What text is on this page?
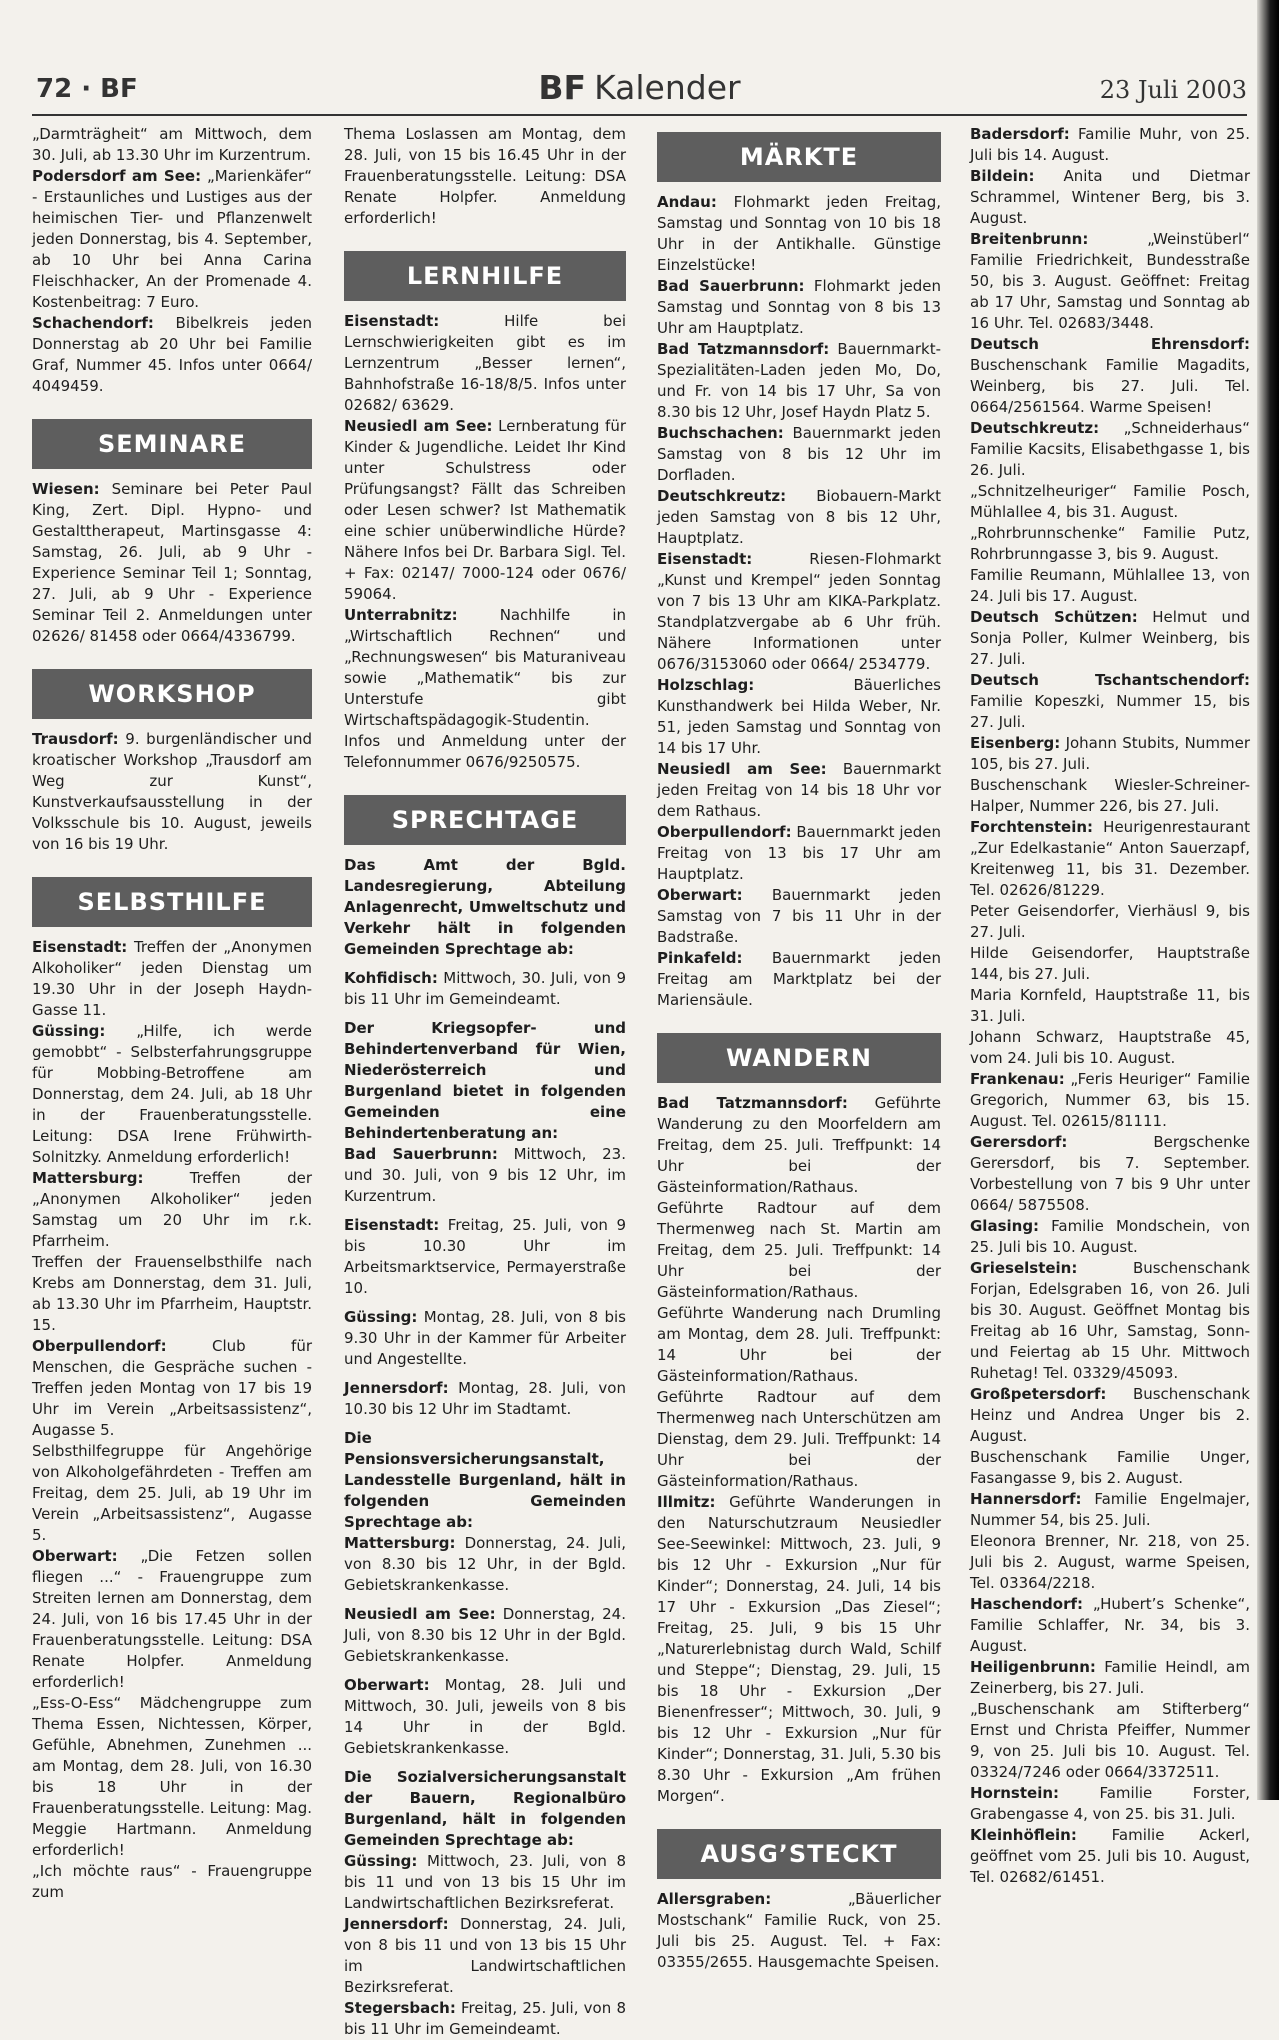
72 · BF	BF Kalender	23 Juli 2003

„Darmträgheit“ am Mittwoch, dem 30. Juli, ab 13.30 Uhr im Kurzentrum.

Podersdorf am See: „Marienkäfer“ - Erstaunliches und Lustiges aus der heimischen Tier- und Pflanzenwelt jeden Donnerstag, bis 4. September, ab 10 Uhr bei Anna Carina Fleischhacker, An der Promenade 4. Kostenbeitrag: 7 Euro.

Schachendorf: Bibelkreis jeden Donnerstag ab 20 Uhr bei Familie Graf, Nummer 45. Infos unter 0664/ 4049459.

SEMINARE

Wiesen: Seminare bei Peter Paul King, Zert. Dipl. Hypno- und Gestalttherapeut, Martinsgasse 4: Samstag, 26. Juli, ab 9 Uhr - Experience Seminar Teil 1; Sonntag, 27. Juli, ab 9 Uhr - Experience Seminar Teil 2. Anmeldungen unter 02626/ 81458 oder 0664/4336799.

WORKSHOP

Trausdorf: 9. burgenländischer und kroatischer Workshop „Trausdorf am Weg zur Kunst“, Kunstverkaufsausstellung in der Volksschule bis 10. August, jeweils von 16 bis 19 Uhr.

SELBSTHILFE

Eisenstadt: Treffen der „Anonymen Alkoholiker“ jeden Dienstag um 19.30 Uhr in der Joseph Haydn-Gasse 11.

Güssing: „Hilfe, ich werde gemobbt“ - Selbsterfahrungsgruppe für Mobbing-Betroffene am Donnerstag, dem 24. Juli, ab 18 Uhr in der Frauenberatungsstelle. Leitung: DSA Irene Frühwirth-Solnitzky. Anmeldung erforderlich!

Mattersburg: Treffen der „Anonymen Alkoholiker“ jeden Samstag um 20 Uhr im r.k. Pfarrheim.

Treffen der Frauenselbsthilfe nach Krebs am Donnerstag, dem 31. Juli, ab 13.30 Uhr im Pfarrheim, Hauptstr. 15.

Oberpullendorf: Club für Menschen, die Gespräche suchen - Treffen jeden Montag von 17 bis 19 Uhr im Verein „Arbeitsassistenz“, Augasse 5.

Selbsthilfegruppe für Angehörige von Alkoholgefährdeten - Treffen am Freitag, dem 25. Juli, ab 19 Uhr im Verein „Arbeitsassistenz“, Augasse 5.

Oberwart: „Die Fetzen sollen fliegen ...“ - Frauengruppe zum Streiten lernen am Donnerstag, dem 24. Juli, von 16 bis 17.45 Uhr in der Frauenberatungsstelle. Leitung: DSA Renate Holpfer. Anmeldung erforderlich!

„Ess-O-Ess“ Mädchengruppe zum Thema Essen, Nichtessen, Körper, Gefühle, Abnehmen, Zunehmen ... am Montag, dem 28. Juli, von 16.30 bis 18 Uhr in der Frauenberatungsstelle. Leitung: Mag. Meggie Hartmann. Anmeldung erforderlich!

„Ich möchte raus“ - Frauengruppe zum

Thema Loslassen am Montag, dem 28. Juli, von 15 bis 16.45 Uhr in der Frauenberatungsstelle. Leitung: DSA Renate Holpfer. Anmeldung erforderlich!

LERNHILFE

Eisenstadt: Hilfe bei Lernschwierigkeiten gibt es im Lernzentrum „Besser lernen“, Bahnhofstraße 16-18/8/5. Infos unter 02682/ 63629.

Neusiedl am See: Lernberatung für Kinder & Jugendliche. Leidet Ihr Kind unter Schulstress oder Prüfungsangst? Fällt das Schreiben oder Lesen schwer? Ist Mathematik eine schier unüberwindliche Hürde? Nähere Infos bei Dr. Barbara Sigl. Tel. + Fax: 02147/ 7000-124 oder 0676/ 59064.

Unterrabnitz: Nachhilfe in „Wirtschaftlich Rechnen“ und „Rechnungswesen“ bis Maturaniveau sowie „Mathematik“ bis zur Unterstufe gibt Wirtschaftspädagogik-Studentin. Infos und Anmeldung unter der Telefonnummer 0676/9250575.

SPRECHTAGE

Das Amt der Bgld. Landesregierung, Abteilung Anlagenrecht, Umweltschutz und Verkehr hält in folgenden Gemeinden Sprechtage ab:

Kohfidisch: Mittwoch, 30. Juli, von 9 bis 11 Uhr im Gemeindeamt.

Der Kriegsopfer- und Behindertenverband für Wien, Niederösterreich und Burgenland bietet in folgenden Gemeinden eine Behindertenberatung an:

Bad Sauerbrunn: Mittwoch, 23. und 30. Juli, von 9 bis 12 Uhr, im Kurzentrum.

Eisenstadt: Freitag, 25. Juli, von 9 bis 10.30 Uhr im Arbeitsmarktservice, Permayerstraße 10.

Güssing: Montag, 28. Juli, von 8 bis 9.30 Uhr in der Kammer für Arbeiter und Angestellte.

Jennersdorf: Montag, 28. Juli, von 10.30 bis 12 Uhr im Stadtamt.

Die Pensionsversicherungsanstalt, Landesstelle Burgenland, hält in folgenden Gemeinden Sprechtage ab:

Mattersburg: Donnerstag, 24. Juli, von 8.30 bis 12 Uhr, in der Bgld. Gebietskrankenkasse.

Neusiedl am See: Donnerstag, 24. Juli, von 8.30 bis 12 Uhr in der Bgld. Gebietskrankenkasse.

Oberwart: Montag, 28. Juli und Mittwoch, 30. Juli, jeweils von 8 bis 14 Uhr in der Bgld. Gebietskrankenkasse.

Die Sozialversicherungsanstalt der Bauern, Regionalbüro Burgenland, hält in folgenden Gemeinden Sprechtage ab:

Güssing: Mittwoch, 23. Juli, von 8 bis 11 und von 13 bis 15 Uhr im Landwirtschaftlichen Bezirksreferat.

Jennersdorf: Donnerstag, 24. Juli, von 8 bis 11 und von 13 bis 15 Uhr im Landwirtschaftlichen Bezirksreferat.

Stegersbach: Freitag, 25. Juli, von 8 bis 11 Uhr im Gemeindeamt.

MÄRKTE

Andau: Flohmarkt jeden Freitag, Samstag und Sonntag von 10 bis 18 Uhr in der Antikhalle. Günstige Einzelstücke!

Bad Sauerbrunn: Flohmarkt jeden Samstag und Sonntag von 8 bis 13 Uhr am Hauptplatz.

Bad Tatzmannsdorf: Bauernmarkt-Spezialitäten-Laden jeden Mo, Do, und Fr. von 14 bis 17 Uhr, Sa von 8.30 bis 12 Uhr, Josef Haydn Platz 5.

Buchschachen: Bauernmarkt jeden Samstag von 8 bis 12 Uhr im Dorfladen.

Deutschkreutz: Biobauern-Markt jeden Samstag von 8 bis 12 Uhr, Hauptplatz.

Eisenstadt: Riesen-Flohmarkt „Kunst und Krempel“ jeden Sonntag von 7 bis 13 Uhr am KIKA-Parkplatz. Standplatzvergabe ab 6 Uhr früh. Nähere Informationen unter 0676/3153060 oder 0664/ 2534779.

Holzschlag: Bäuerliches Kunsthandwerk bei Hilda Weber, Nr. 51, jeden Samstag und Sonntag von 14 bis 17 Uhr.

Neusiedl am See: Bauernmarkt jeden Freitag von 14 bis 18 Uhr vor dem Rathaus.

Oberpullendorf: Bauernmarkt jeden Freitag von 13 bis 17 Uhr am Hauptplatz.

Oberwart: Bauernmarkt jeden Samstag von 7 bis 11 Uhr in der Badstraße.

Pinkafeld: Bauernmarkt jeden Freitag am Marktplatz bei der Mariensäule.

WANDERN

Bad Tatzmannsdorf: Geführte Wanderung zu den Moorfeldern am Freitag, dem 25. Juli. Treffpunkt: 14 Uhr bei der Gästeinformation/Rathaus.

Geführte Radtour auf dem Thermenweg nach St. Martin am Freitag, dem 25. Juli. Treffpunkt: 14 Uhr bei der Gästeinformation/Rathaus.

Geführte Wanderung nach Drumling am Montag, dem 28. Juli. Treffpunkt: 14 Uhr bei der Gästeinformation/Rathaus.

Geführte Radtour auf dem Thermenweg nach Unterschützen am Dienstag, dem 29. Juli. Treffpunkt: 14 Uhr bei der Gästeinformation/Rathaus.

Illmitz: Geführte Wanderungen in den Naturschutzraum Neusiedler See-Seewinkel: Mittwoch, 23. Juli, 9 bis 12 Uhr - Exkursion „Nur für Kinder“; Donnerstag, 24. Juli, 14 bis 17 Uhr - Exkursion „Das Ziesel“; Freitag, 25. Juli, 9 bis 15 Uhr „Naturerlebnistag durch Wald, Schilf und Steppe“; Dienstag, 29. Juli, 15 bis 18 Uhr - Exkursion „Der Bienenfresser“; Mittwoch, 30. Juli, 9 bis 12 Uhr - Exkursion „Nur für Kinder“; Donnerstag, 31. Juli, 5.30 bis 8.30 Uhr - Exkursion „Am frühen Morgen“.

AUSG’STECKT

Allersgraben: „Bäuerlicher Mostschank“ Familie Ruck, von 25. Juli bis 25. August. Tel. + Fax: 03355/2655. Hausgemachte Speisen.

Badersdorf: Familie Muhr, von 25. Juli bis 14. August.

Bildein: Anita und Dietmar Schrammel, Wintener Berg, bis 3. August.

Breitenbrunn: „Weinstüberl“ Familie Friedrichkeit, Bundesstraße 50, bis 3. August. Geöffnet: Freitag ab 17 Uhr, Samstag und Sonntag ab 16 Uhr. Tel. 02683/3448.

Deutsch Ehrensdorf: Buschenschank Familie Magadits, Weinberg, bis 27. Juli. Tel. 0664/2561564. Warme Speisen!

Deutschkreutz: „Schneiderhaus“ Familie Kacsits, Elisabethgasse 1, bis 26. Juli.

„Schnitzelheuriger“ Familie Posch, Mühlallee 4, bis 31. August.

„Rohrbrunnschenke“ Familie Putz, Rohrbrunngasse 3, bis 9. August.

Familie Reumann, Mühlallee 13, von 24. Juli bis 17. August.

Deutsch Schützen: Helmut und Sonja Poller, Kulmer Weinberg, bis 27. Juli.

Deutsch Tschantschendorf: Familie Kopeszki, Nummer 15, bis 27. Juli.

Eisenberg: Johann Stubits, Nummer 105, bis 27. Juli.

Buschenschank Wiesler-Schreiner-Halper, Nummer 226, bis 27. Juli.

Forchtenstein: Heurigenrestaurant „Zur Edelkastanie“ Anton Sauerzapf, Kreitenweg 11, bis 31. Dezember. Tel. 02626/81229.

Peter Geisendorfer, Vierhäusl 9, bis 27. Juli.

Hilde Geisendorfer, Hauptstraße 144, bis 27. Juli.

Maria Kornfeld, Hauptstraße 11, bis 31. Juli.

Johann Schwarz, Hauptstraße 45, vom 24. Juli bis 10. August.

Frankenau: „Feris Heuriger“ Familie Gregorich, Nummer 63, bis 15. August. Tel. 02615/81111.

Gerersdorf: Bergschenke Gerersdorf, bis 7. September. Vorbestellung von 7 bis 9 Uhr unter 0664/ 5875508.

Glasing: Familie Mondschein, von 25. Juli bis 10. August.

Grieselstein: Buschenschank Forjan, Edelsgraben 16, von 26. Juli bis 30. August. Geöffnet Montag bis Freitag ab 16 Uhr, Samstag, Sonn- und Feiertag ab 15 Uhr. Mittwoch Ruhetag! Tel. 03329/45093.

Großpetersdorf: Buschenschank Heinz und Andrea Unger bis 2. August.

Buschenschank Familie Unger, Fasangasse 9, bis 2. August.

Hannersdorf: Familie Engelmajer, Nummer 54, bis 25. Juli.

Eleonora Brenner, Nr. 218, von 25. Juli bis 2. August, warme Speisen, Tel. 03364/2218.

Haschendorf: „Hubert’s Schenke“, Familie Schlaffer, Nr. 34, bis 3. August.

Heiligenbrunn: Familie Heindl, am Zeinerberg, bis 27. Juli.

„Buschenschank am Stifterberg“ Ernst und Christa Pfeiffer, Nummer 9, von 25. Juli bis 10. August. Tel. 03324/7246 oder 0664/3372511.

Hornstein: Familie Forster, Grabengasse 4, von 25. bis 31. Juli.

Kleinhöflein: Familie Ackerl, geöffnet vom 25. Juli bis 10. August, Tel. 02682/61451.
